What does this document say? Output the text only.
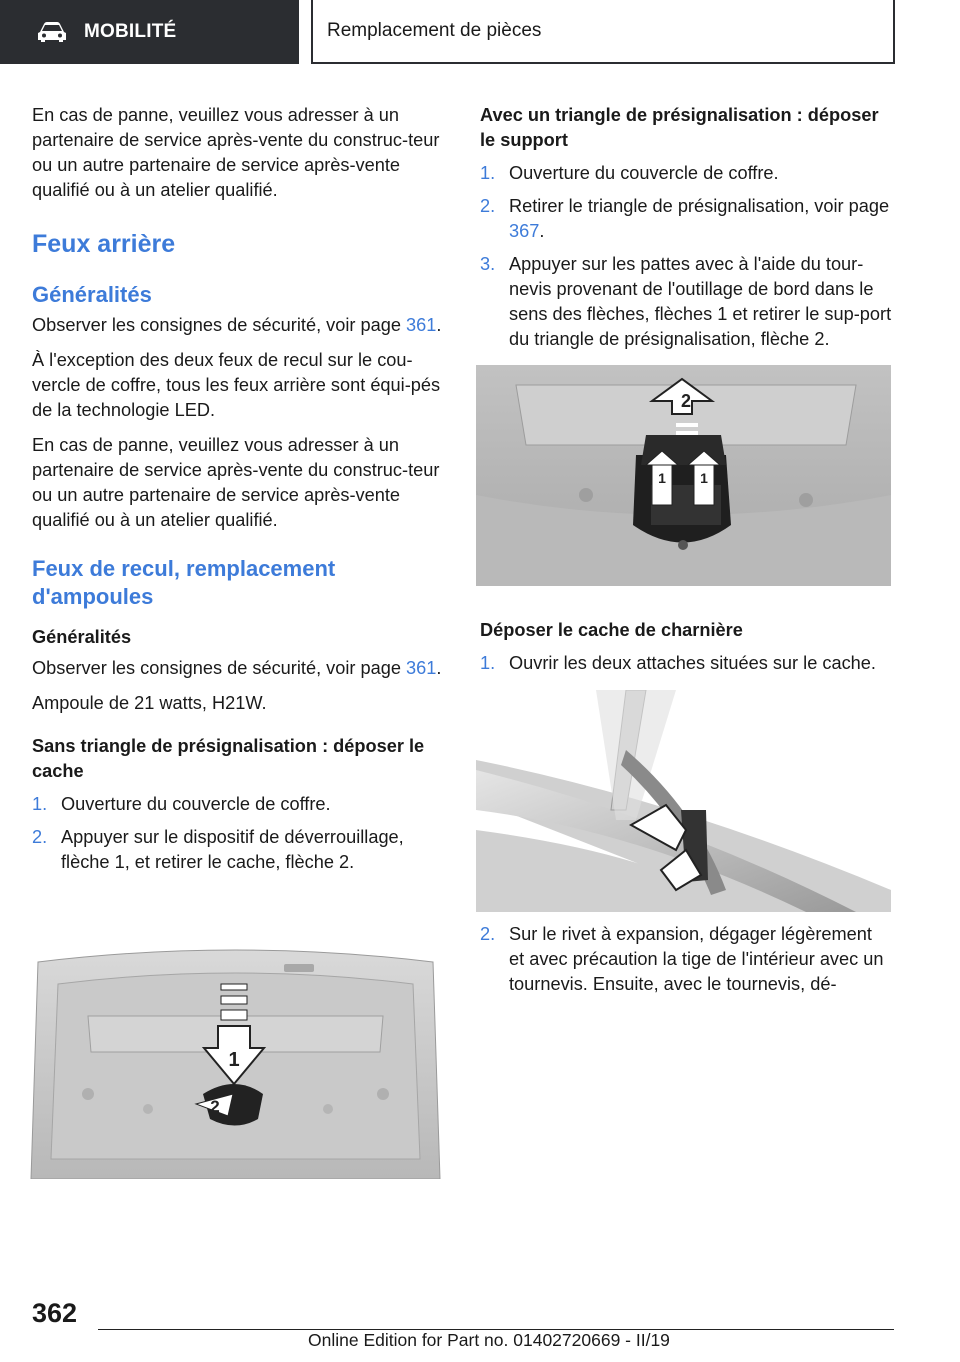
MOBILITÉ	Remplacement de pièces

En cas de panne, veuillez vous adresser à un partenaire de service après-vente du construc-teur ou un autre partenaire de service après-vente qualifié ou à un atelier qualifié.

Feux arrière

Généralités

Observer les consignes de sécurité, voir page 361.

À l'exception des deux feux de recul sur le cou-vercle de coffre, tous les feux arrière sont équi-pés de la technologie LED.

En cas de panne, veuillez vous adresser à un partenaire de service après-vente du construc-teur ou un autre partenaire de service après-vente qualifié ou à un atelier qualifié.

Feux de recul, remplacement d'ampoules

Généralités

Observer les consignes de sécurité, voir page 361.

Ampoule de 21 watts, H21W.

Sans triangle de présignalisation : déposer le cache

1. Ouverture du couvercle de coffre.
2. Appuyer sur le dispositif de déverrouillage, flèche 1, et retirer le cache, flèche 2.
1
2

Avec un triangle de présignalisation : déposer le support

1. Ouverture du couvercle de coffre.
2. Retirer le triangle de présignalisation, voir page 367.
3. Appuyer sur les pattes avec à l'aide du tour-nevis provenant de l'outillage de bord dans le sens des flèches, flèches 1 et retirer le sup-port du triangle de présignalisation, flèche 2.
2
1 1

Déposer le cache de charnière

1. Ouvrir les deux attaches situées sur le cache.
2. Sur le rivet à expansion, dégager légèrement et avec précaution la tige de l'intérieur avec un tournevis. Ensuite, avec le tournevis, dé-
362
Online Edition for Part no. 01402720669 - II/19
